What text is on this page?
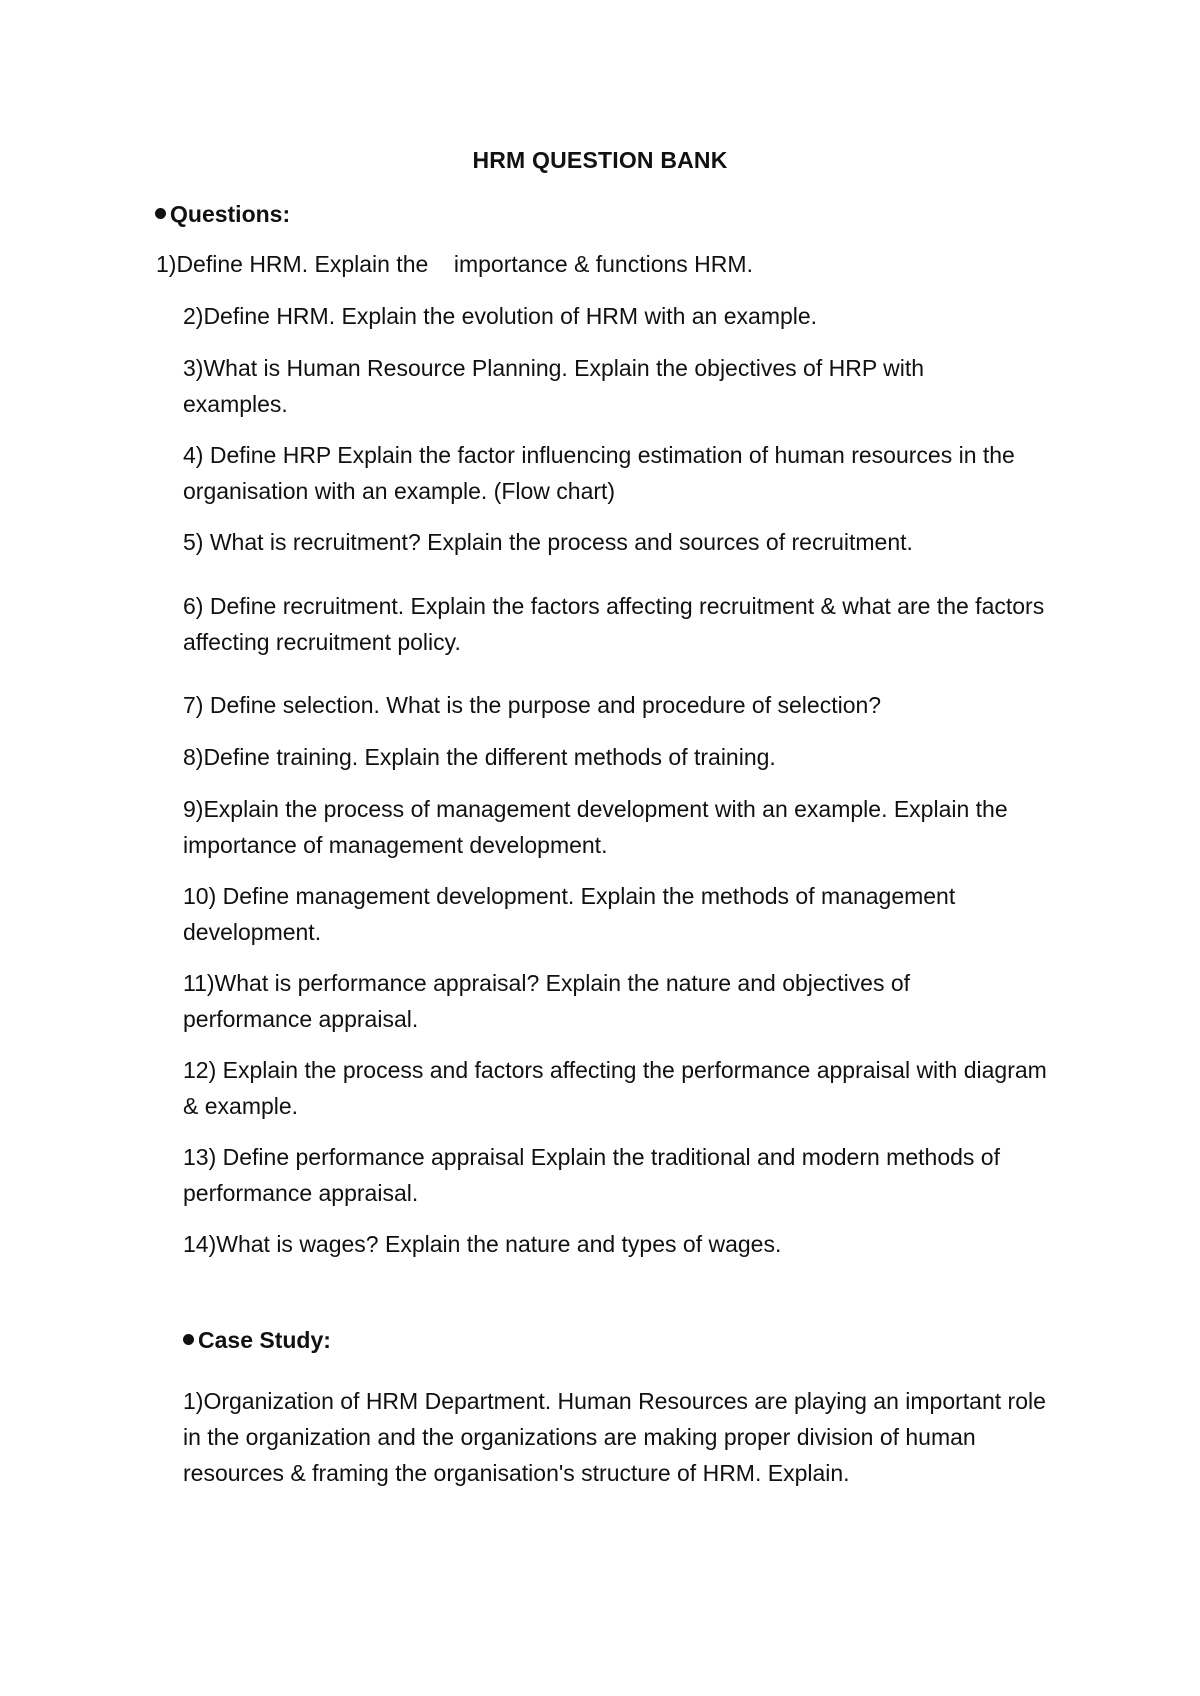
HRM QUESTION BANK
Questions:
1)Define HRM. Explain the    importance & functions HRM.
2)Define HRM. Explain the evolution of HRM with an example.
3)What is Human Resource Planning. Explain the objectives of HRP with examples.
4) Define HRP Explain the factor influencing estimation of human resources in the organisation with an example. (Flow chart)
5) What is recruitment? Explain the process and sources of recruitment.
6) Define recruitment. Explain the factors affecting recruitment & what are the factors affecting recruitment policy.
7) Define selection. What is the purpose and procedure of selection?
8)Define training. Explain the different methods of training.
9)Explain the process of management development with an example. Explain the importance of management development.
10) Define management development. Explain the methods of management development.
11)What is performance appraisal? Explain the nature and objectives of performance appraisal.
12) Explain the process and factors affecting the performance appraisal with diagram & example.
13) Define performance appraisal Explain the traditional and modern methods of performance appraisal.
14)What is wages? Explain the nature and types of wages.
Case Study:
1)Organization of HRM Department. Human Resources are playing an important role in the organization and the organizations are making proper division of human resources & framing the organisation's structure of HRM. Explain.
